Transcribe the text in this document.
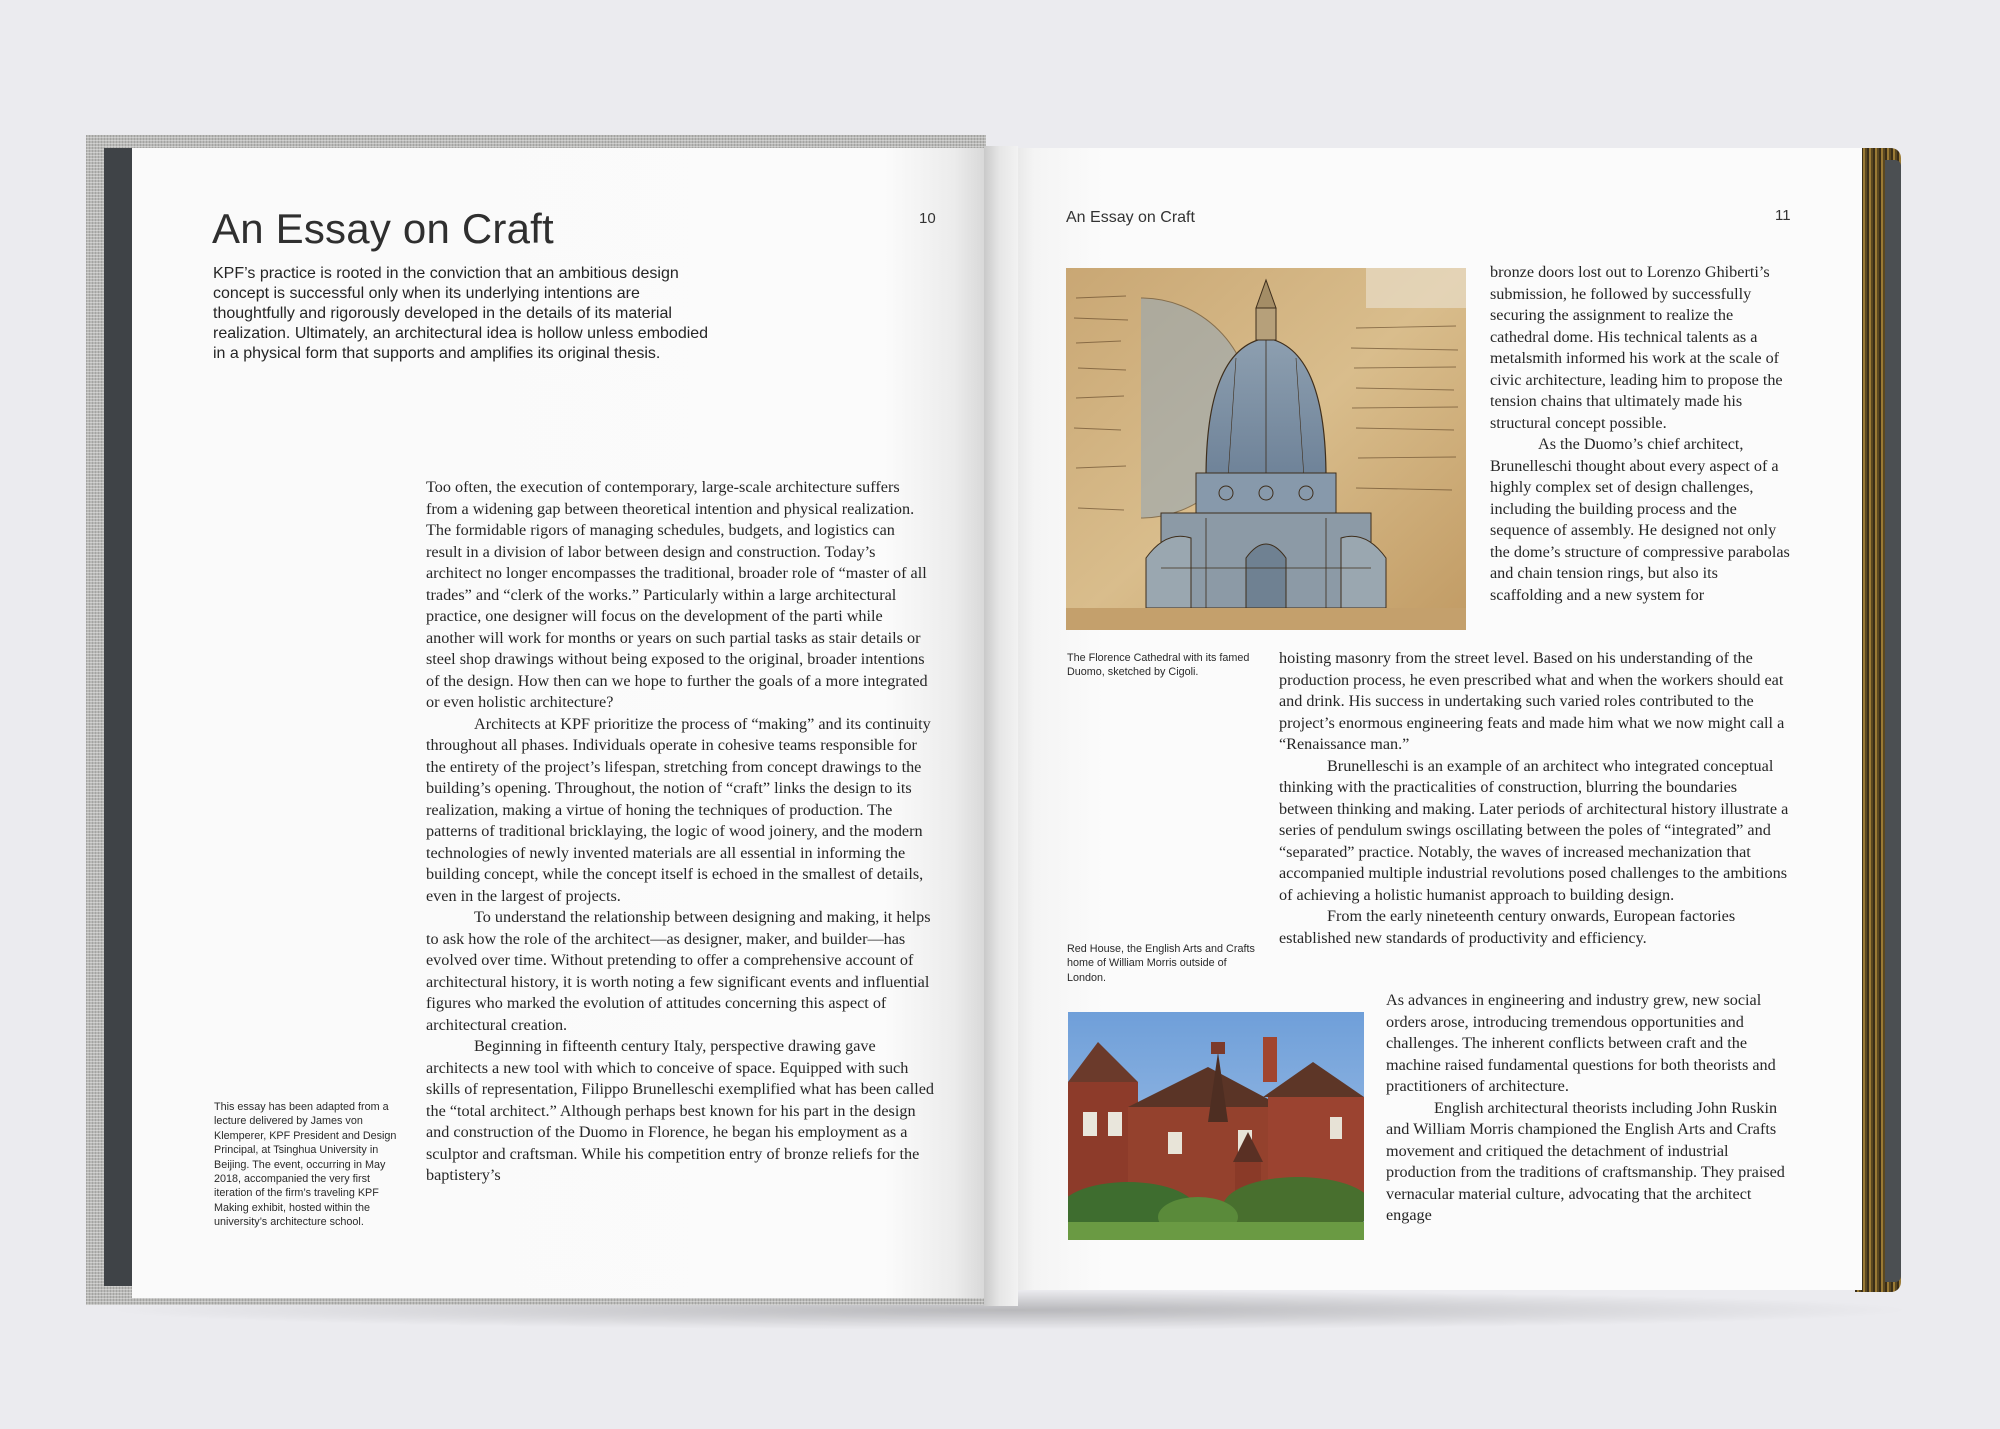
An Essay on Craft	10

KPF’s practice is rooted in the conviction that an ambitious design concept is successful only when its underlying intentions are thoughtfully and rigorously developed in the details of its material realization. Ultimately, an architectural idea is hollow unless embodied in a physical form that supports and amplifies its original thesis.

Too often, the execution of contemporary, large-scale architecture suffers from a widening gap between theoretical intention and physical realization. The formidable rigors of managing schedules, budgets, and logistics can result in a division of labor between design and construction. Today’s architect no longer encompasses the traditional, broader role of “master of all trades” and “clerk of the works.” Particularly within a large architectural practice, one designer will focus on the development of the parti while another will work for months or years on such partial tasks as stair details or steel shop drawings without being exposed to the original, broader intentions of the design. How then can we hope to further the goals of a more integrated or even holistic architecture?

Architects at KPF prioritize the process of “making” and its continuity throughout all phases. Individuals operate in cohesive teams responsible for the entirety of the project’s lifespan, stretching from concept drawings to the building’s opening. Throughout, the notion of “craft” links the design to its realization, making a virtue of honing the techniques of production. The patterns of traditional bricklaying, the logic of wood joinery, and the modern technologies of newly invented materials are all essential in informing the building concept, while the concept itself is echoed in the smallest of details, even in the largest of projects.

To understand the relationship between designing and making, it helps to ask how the role of the architect—as designer, maker, and builder—has evolved over time. Without pretending to offer a comprehensive account of architectural history, it is worth noting a few significant events and influential figures who marked the evolution of attitudes concerning this aspect of architectural creation.

Beginning in fifteenth century Italy, perspective drawing gave architects a new tool with which to conceive of space. Equipped with such skills of representation, Filippo Brunelleschi exemplified what has been called the “total architect.” Although perhaps best known for his part in the design and construction of the Duomo in Florence, he began his employment as a sculptor and craftsman. While his competition entry of bronze reliefs for the baptistery’s

This essay has been adapted from a lecture delivered by James von Klemperer, KPF President and Design Principal, at Tsinghua University in Beijing. The event, occurring in May 2018, accompanied the very first iteration of the firm’s traveling KPF Making exhibit, hosted within the university’s architecture school.

An Essay on Craft	11

The Florence Cathedral with its famed Duomo, sketched by Cigoli.

Red House, the English Arts and Crafts home of William Morris outside of London.

bronze doors lost out to Lorenzo Ghiberti’s submission, he followed by successfully securing the assignment to realize the cathedral dome. His technical talents as a metalsmith informed his work at the scale of civic architecture, leading him to propose the tension chains that ultimately made his structural concept possible.

As the Duomo’s chief architect, Brunelleschi thought about every aspect of a highly complex set of design challenges, including the building process and the sequence of assembly. He designed not only the dome’s structure of compressive parabolas and chain tension rings, but also its scaffolding and a new system for

hoisting masonry from the street level. Based on his understanding of the production process, he even prescribed what and when the workers should eat and drink. His success in undertaking such varied roles contributed to the project’s enormous engineering feats and made him what we now might call a “Renaissance man.”

Brunelleschi is an example of an architect who integrated conceptual thinking with the practicalities of construction, blurring the boundaries between thinking and making. Later periods of architectural history illustrate a series of pendulum swings oscillating between the poles of “integrated” and “separated” practice. Notably, the waves of increased mechanization that accompanied multiple industrial revolutions posed challenges to the ambitions of achieving a holistic humanist approach to building design.

From the early nineteenth century onwards, European factories established new standards of productivity and efficiency.

As advances in engineering and industry grew, new social orders arose, introducing tremendous opportunities and challenges. The inherent conflicts between craft and the machine raised fundamental questions for both theorists and practitioners of architecture.

English architectural theorists including John Ruskin and William Morris championed the English Arts and Crafts movement and critiqued the detachment of industrial production from the traditions of craftsmanship. They praised vernacular material culture, advocating that the architect engage
